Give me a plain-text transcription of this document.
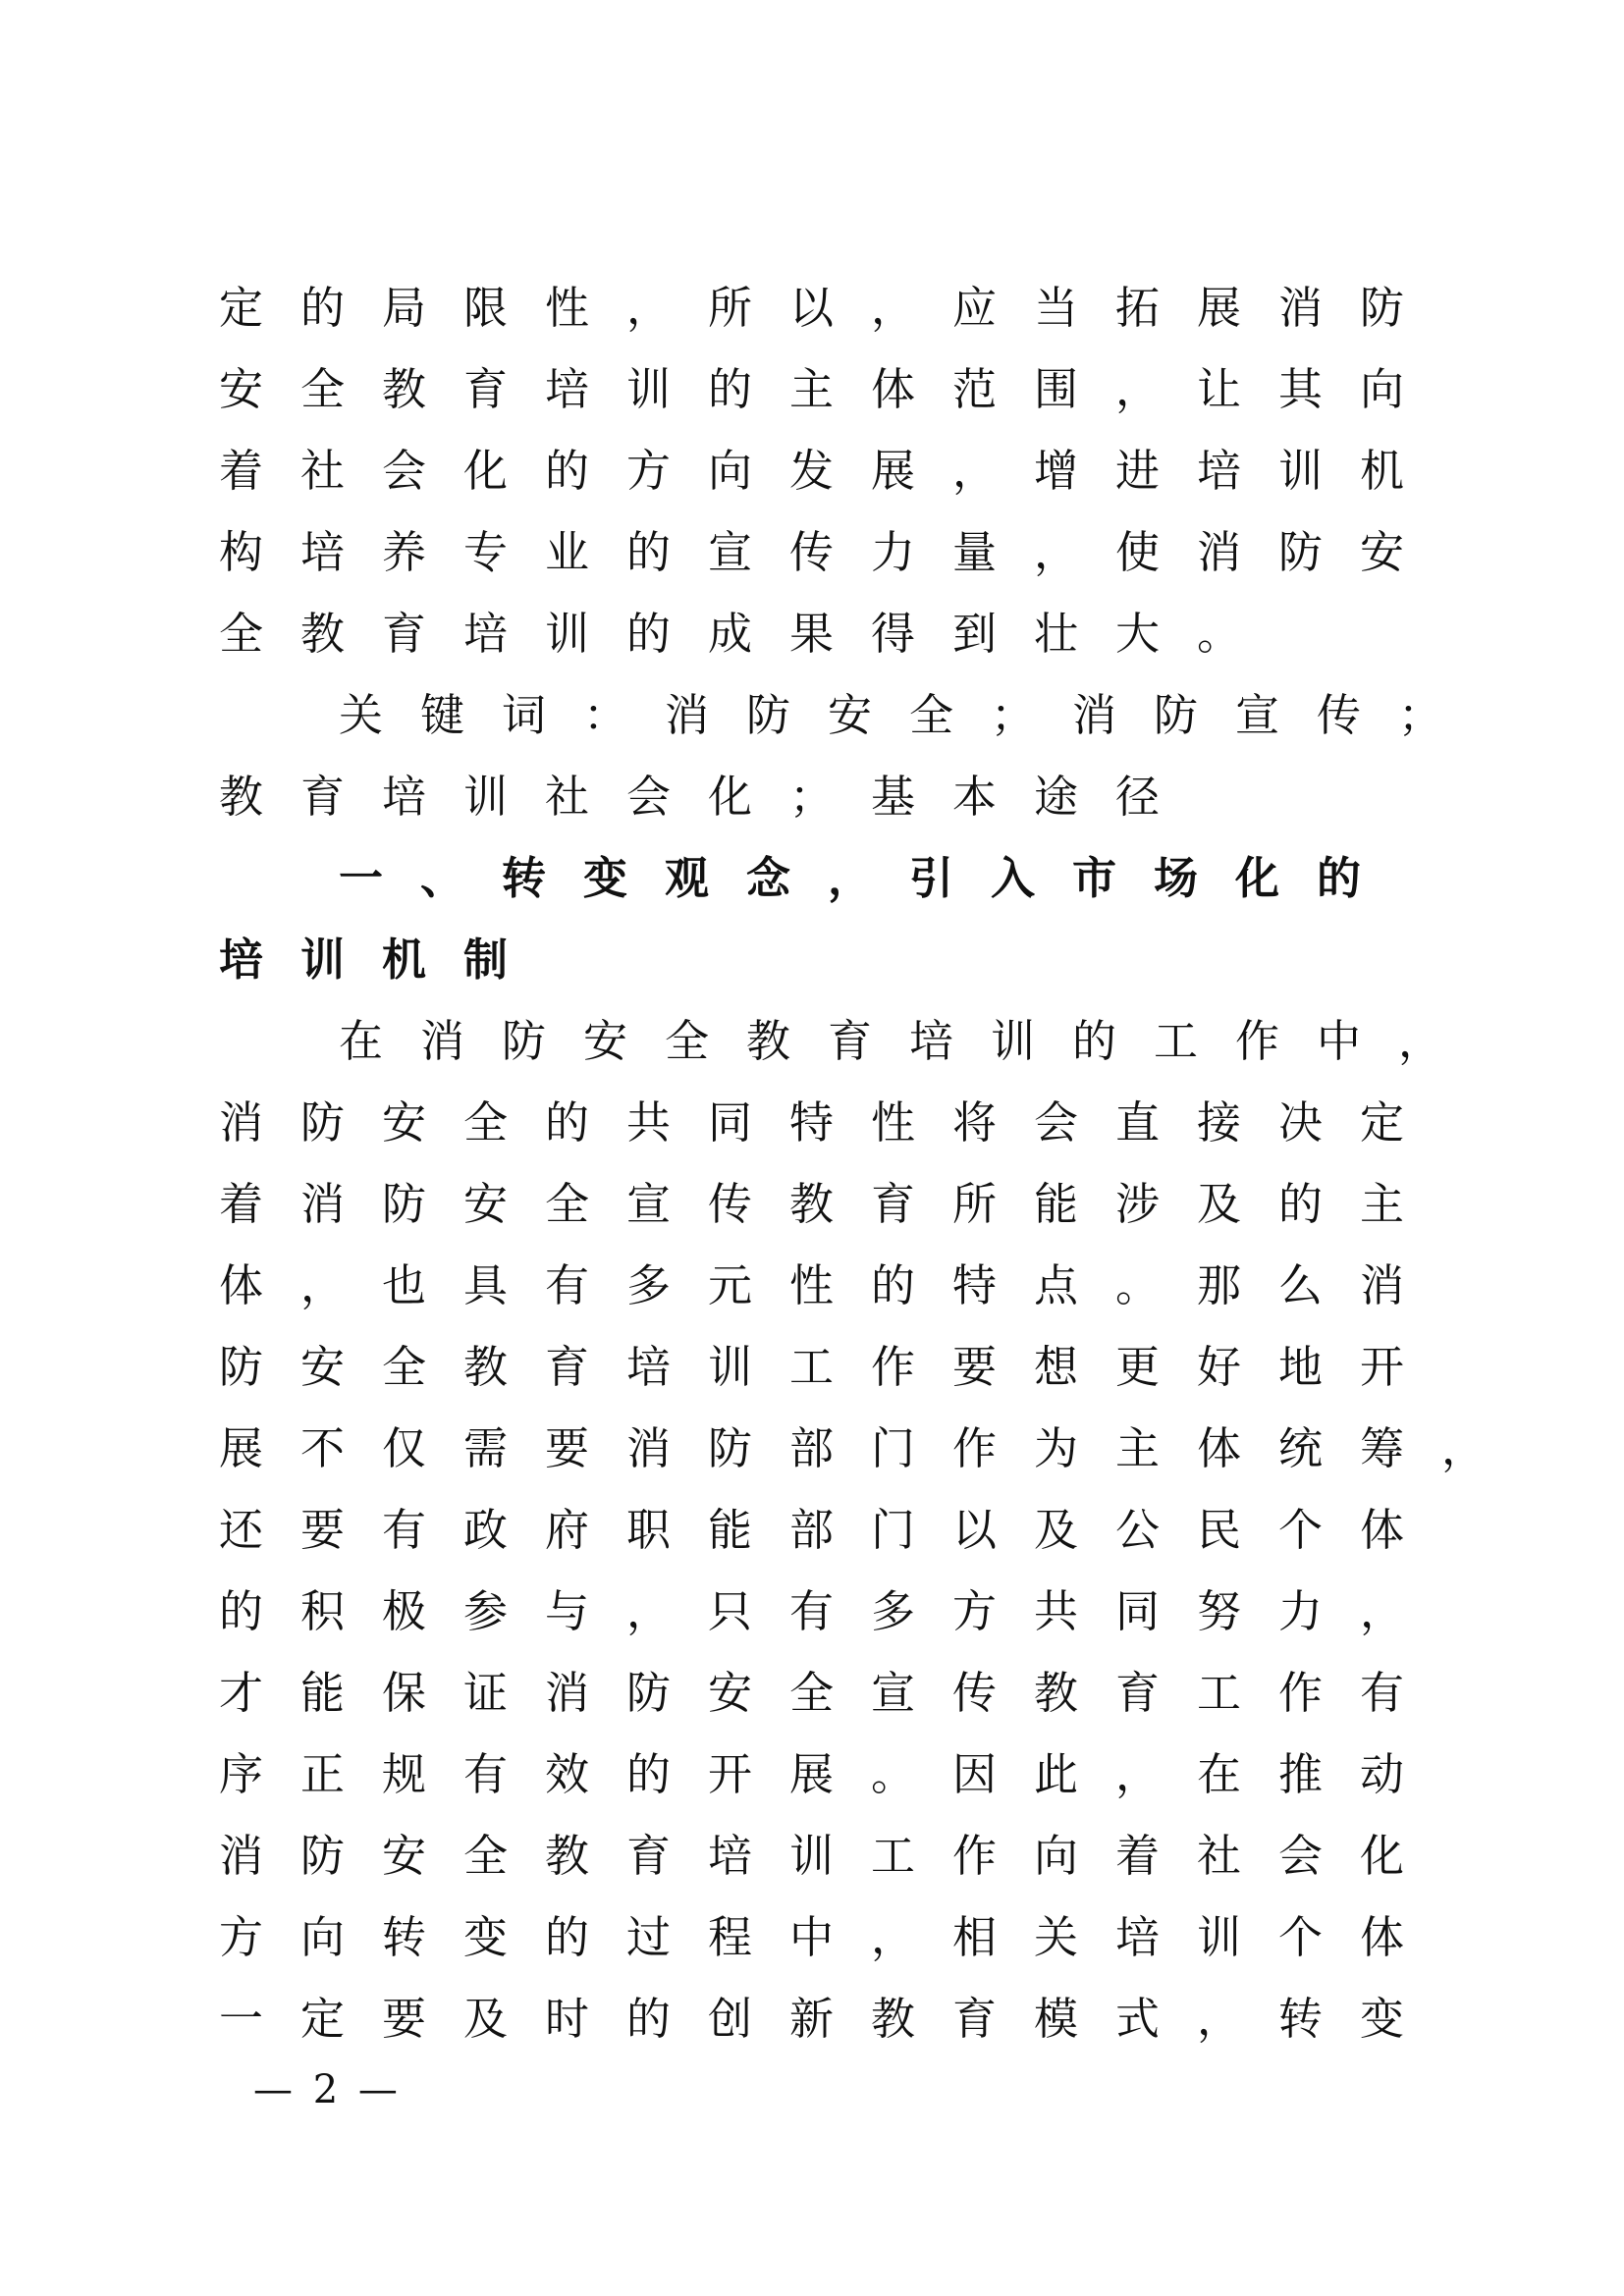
定的局限性，所以，应当拓展消防
安全教育培训的主体范围，让其向
着社会化的方向发展，增进培训机
构培养专业的宣传力量，使消防安
全教育培训的成果得到壮大。
关键词：消防安全；消防宣传；
教育培训社会化；基本途径
一、转变观念，引入市场化的
培训机制
在消防安全教育培训的工作中，
消防安全的共同特性将会直接决定
着消防安全宣传教育所能涉及的主
体，也具有多元性的特点。那么消
防安全教育培训工作要想更好地开
展不仅需要消防部门作为主体统筹，
还要有政府职能部门以及公民个体
的积极参与，只有多方共同努力，
才能保证消防安全宣传教育工作有
序正规有效的开展。因此，在推动
消防安全教育培训工作向着社会化
方向转变的过程中，相关培训个体
一定要及时的创新教育模式，转变
— 2 —
